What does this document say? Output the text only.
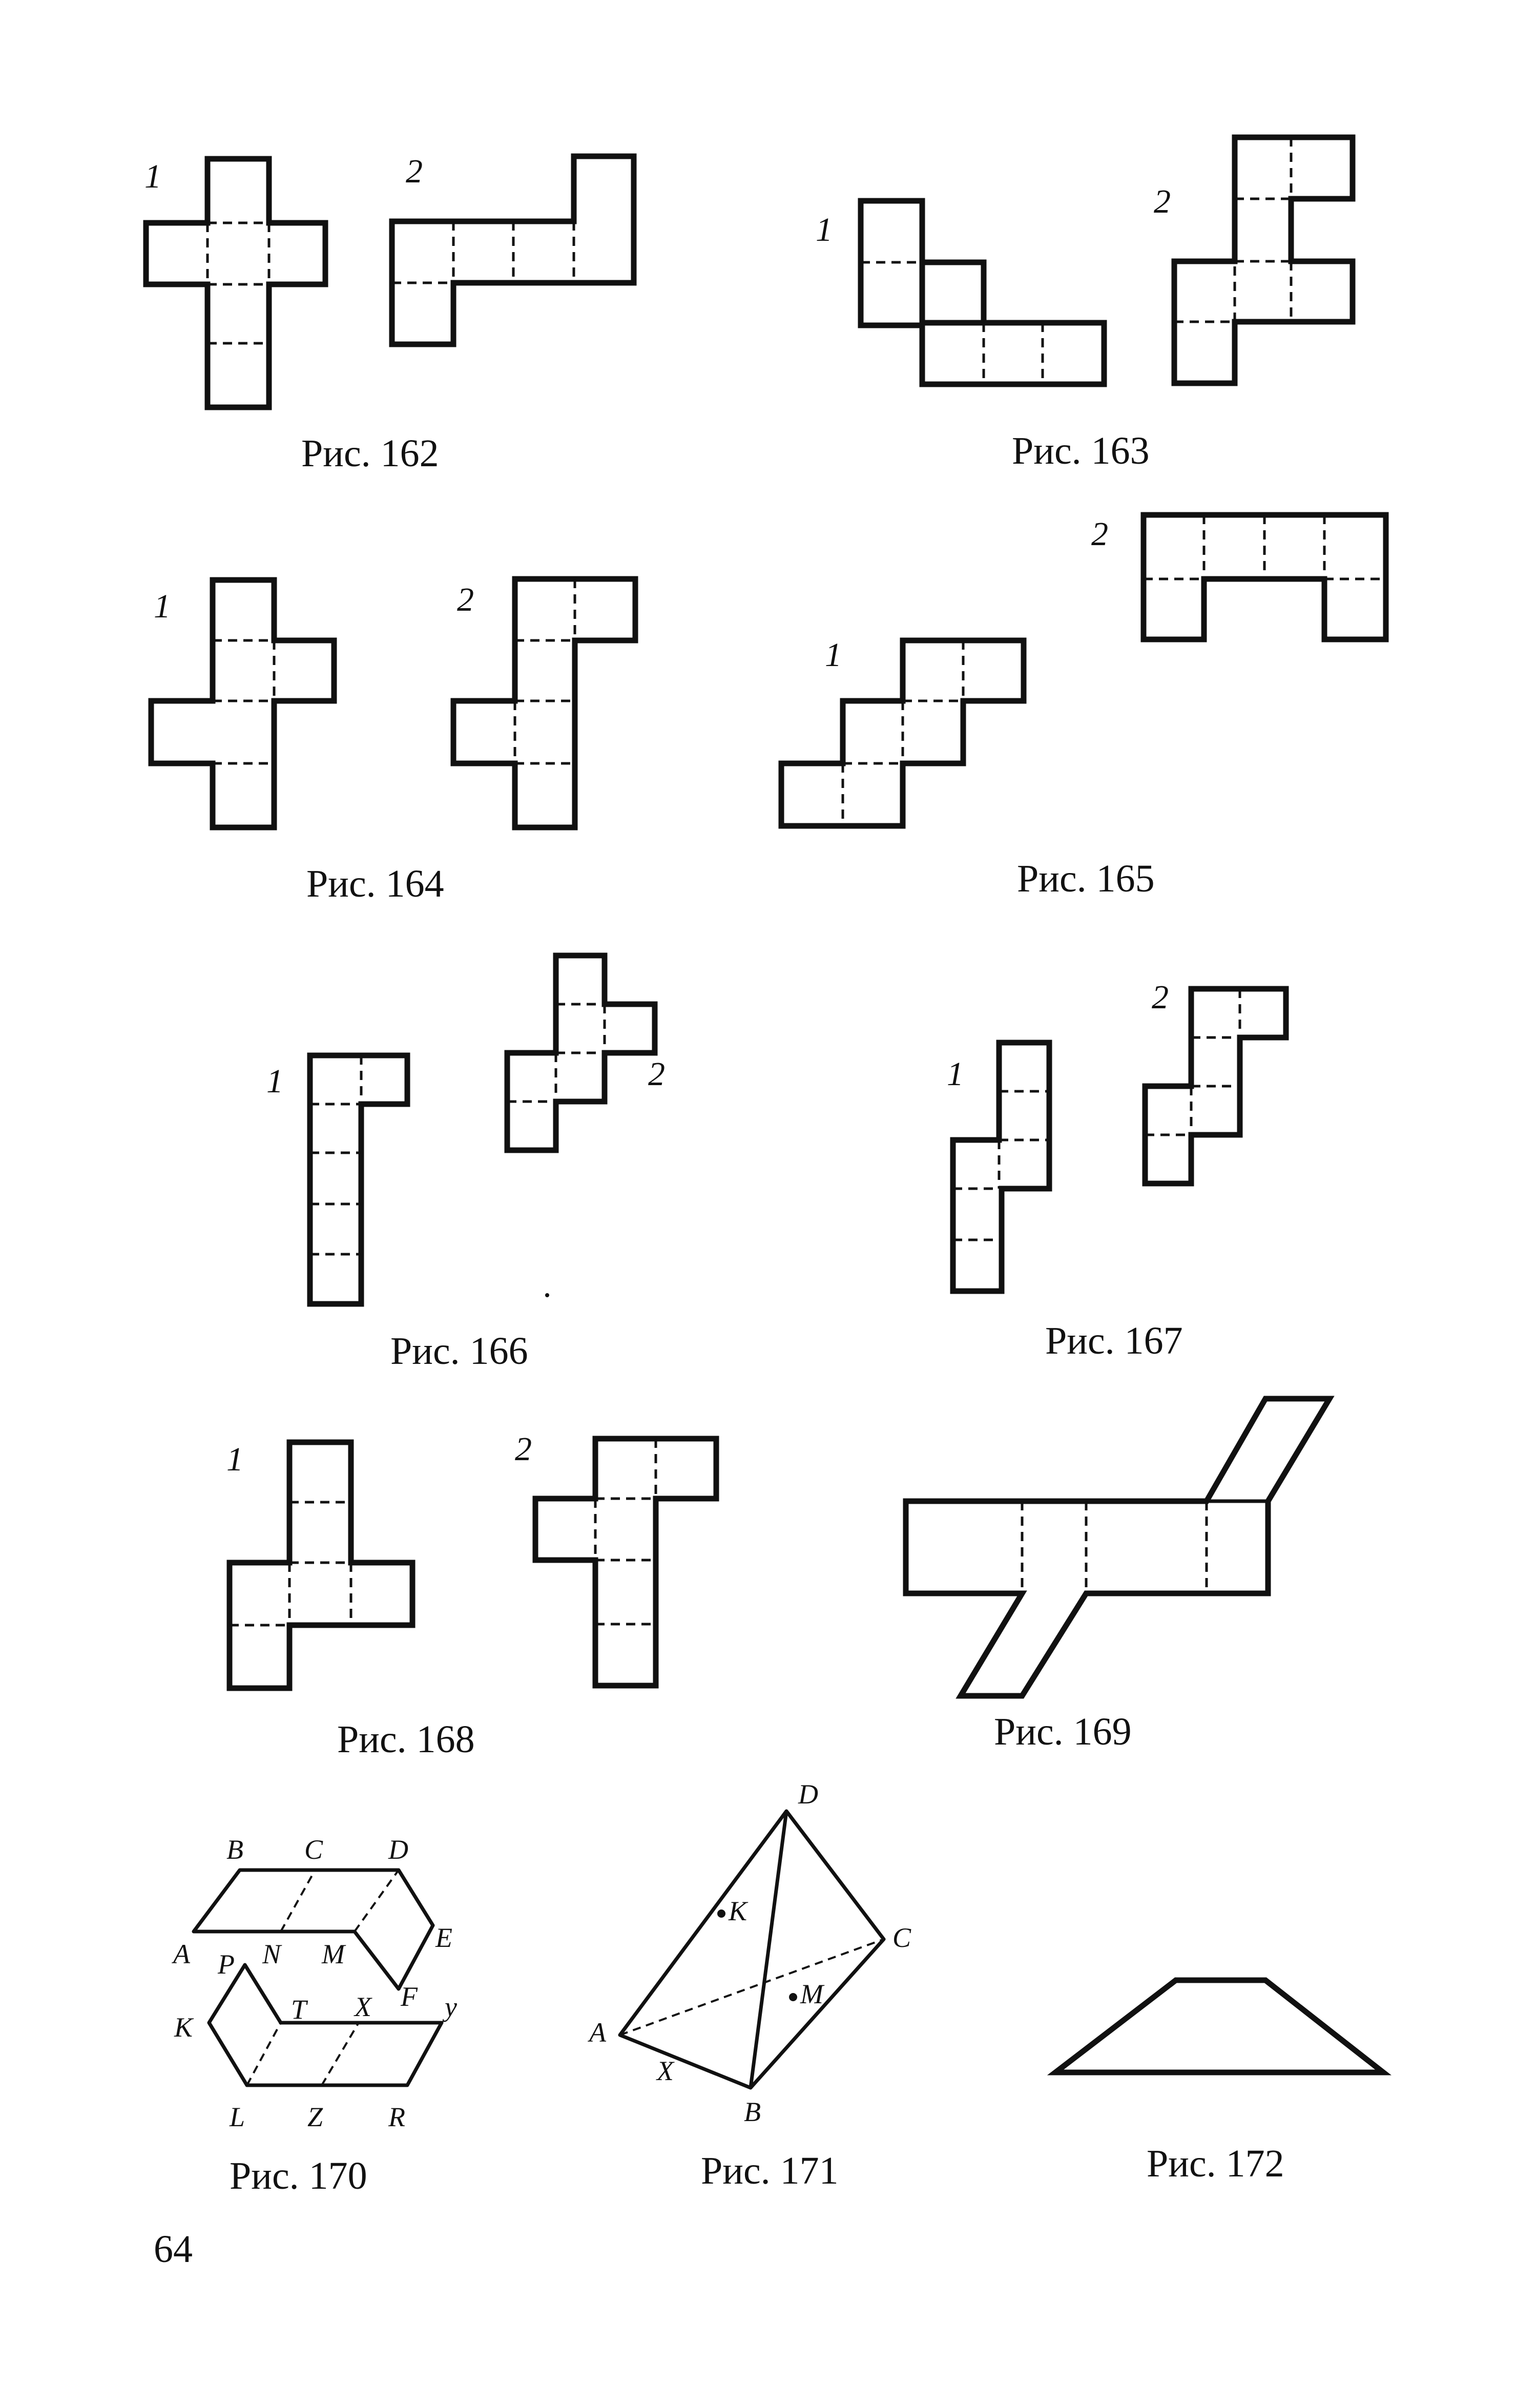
1	2
Рис. 162
1
2
Рис. 163
1	2
Рис. 164
2
1
Рис. 165
1	2
Рис. 166
2
1
Рис. 167
1	2
Рис. 168	Рис. 169
B C D
E
A	N M
P
T X	y
F
K
L Z R
Рис. 170
D
K
C
M
A
X
B
Рис. 171	Рис. 172
64
